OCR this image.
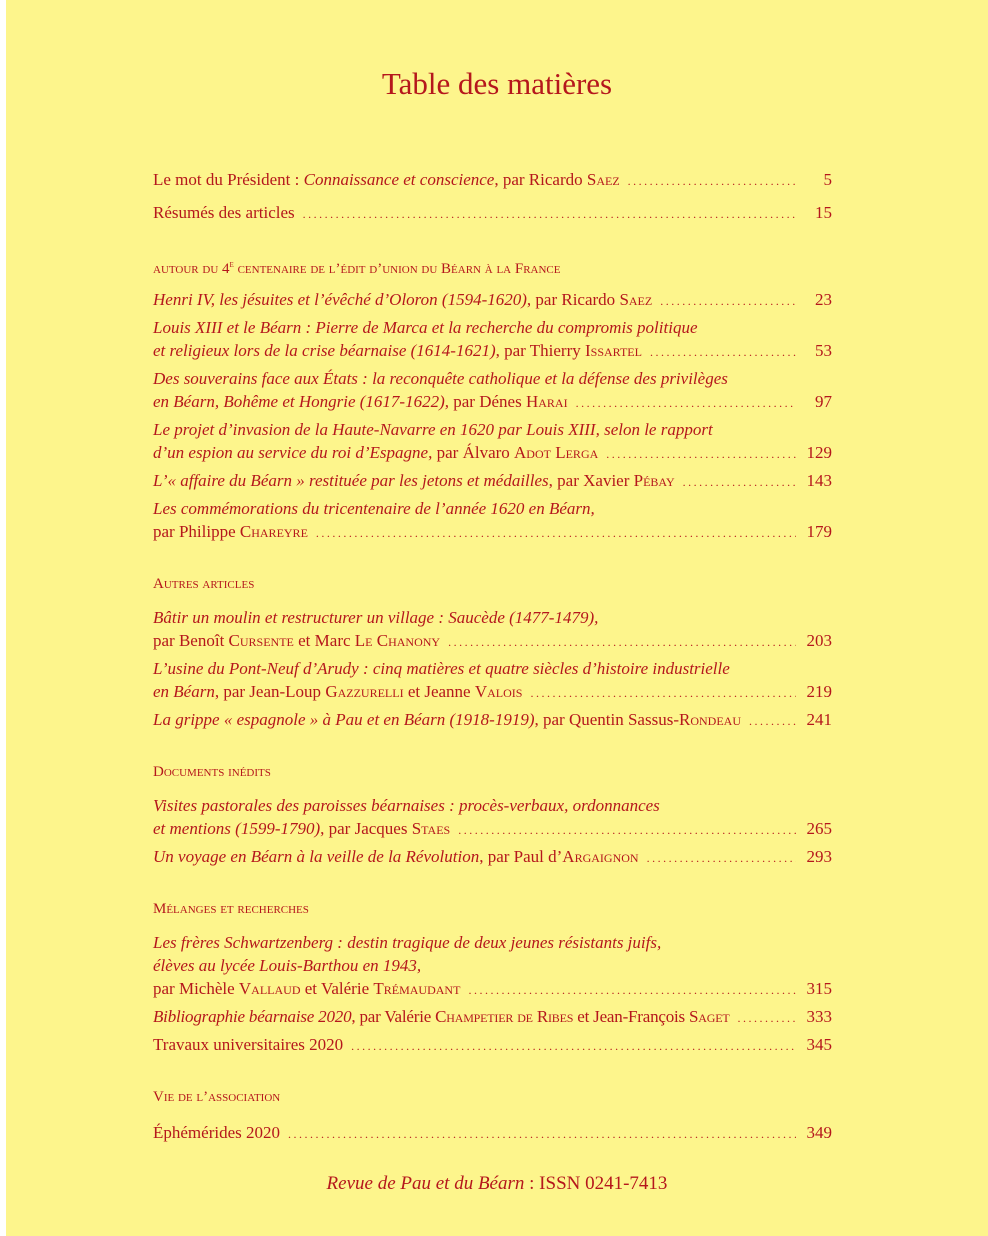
Table des matières
Le mot du Président : Connaissance et conscience, par Ricardo Saez .....	5
Résumés des articles .....	15
autour du 4e centenaire de l’édit d’union du Béarn à la France
Henri IV, les jésuites et l’évêché d’Oloron (1594-1620), par Ricardo Saez .....	23
Louis XIII et le Béarn : Pierre de Marca et la recherche du compromis politique
et religieux lors de la crise béarnaise (1614-1621), par Thierry Issartel .....	53
Des souverains face aux États : la reconquête catholique et la défense des privilèges
en Béarn, Bohême et Hongrie (1617-1622), par Dénes Harai .....	97
Le projet d’invasion de la Haute-Navarre en 1620 par Louis XIII, selon le rapport
d’un espion au service du roi d’Espagne, par Álvaro Adot Lerga .....	129
L’« affaire du Béarn » restituée par les jetons et médailles, par Xavier Pébay .....	143
Les commémorations du tricentenaire de l’année 1620 en Béarn,
par Philippe Chareyre .....	179
Autres articles
Bâtir un moulin et restructurer un village : Saucède (1477-1479),
par Benoît Cursente et Marc Le Chanony .....	203
L’usine du Pont-Neuf d’Arudy : cinq matières et quatre siècles d’histoire industrielle
en Béarn, par Jean-Loup Gazzurelli et Jeanne Valois .....	219
La grippe « espagnole » à Pau et en Béarn (1918-1919), par Quentin Sassus-Rondeau .....	241
Documents inédits
Visites pastorales des paroisses béarnaises : procès-verbaux, ordonnances
et mentions (1599-1790), par Jacques Staes .....	265
Un voyage en Béarn à la veille de la Révolution, par Paul d’Argaignon .....	293
Mélanges et recherches
Les frères Schwartzenberg : destin tragique de deux jeunes résistants juifs,
élèves au lycée Louis-Barthou en 1943,
par Michèle Vallaud et Valérie Trémaudant .....	315
Bibliographie béarnaise 2020, par Valérie Champetier de Ribes et Jean-François Saget .....	333
Travaux universitaires 2020 .....	345
Vie de l’association
Éphémérides 2020 .....	349
Revue de Pau et du Béarn : ISSN 0241-7413
